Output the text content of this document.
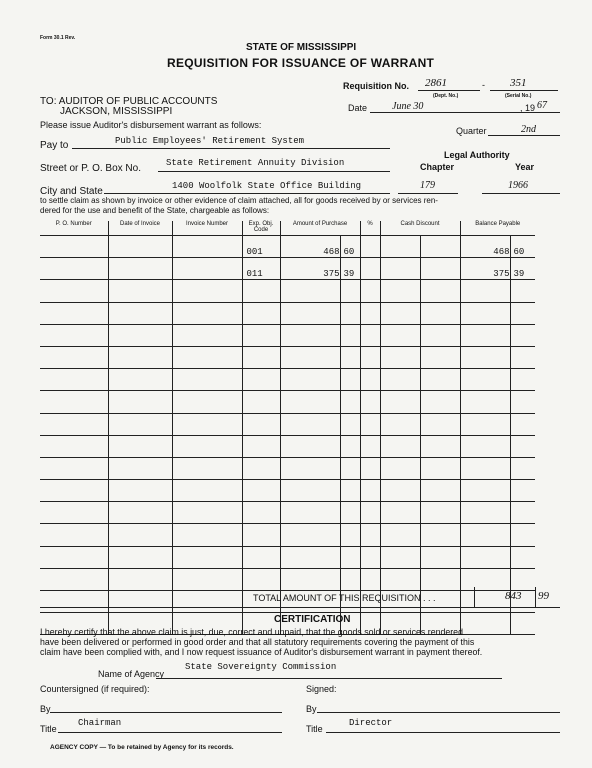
Form 30.1 Rev.
STATE OF MISSISSIPPI
REQUISITION FOR ISSUANCE OF WARRANT
Requisition No. 2861	- 351
(Dept. No.)	(Serial No.)
TO: AUDITOR OF PUBLIC ACCOUNTS
JACKSON, MISSISSIPPI	Date June 30	, 19 67
Please issue Auditor's disbursement warrant as follows:
Quarter	2nd
Pay to	Public Employees' Retirement System
Legal Authority
Chapter	Year
Street or P. O. Box No.	State Retirement Annuity Division
City and State	1400 Woolfolk State Office Building	179	1966
to settle claim as shown by invoice or other evidence of claim attached, all for goods received by or services ren-
dered for the use and benefit of the State, chargeable as follows:
P. O. Number	Date of Invoice	Invoice Number	Exp. Obj. Code	Amount of Purchase		%	Cash Discount		Balance Payable	
			001	468	60				468	60
			011	375	39				375	39

TOTAL AMOUNT OF THIS REQUISITION . . .	843 99
CERTIFICATION
I hereby certify that the above claim is just, due, correct and unpaid, that the goods sold or services rendered
have been delivered or performed in good order and that all statutory requirements covering the payment of this
claim have been complied with, and I now request issuance of Auditor's disbursement warrant in payment thereof.
Name of Agency
State Sovereignty Commission
Countersigned (if required):	Signed:
By	By
Title
Chairman
Title
Director
AGENCY COPY — To be retained by Agency for its records.
